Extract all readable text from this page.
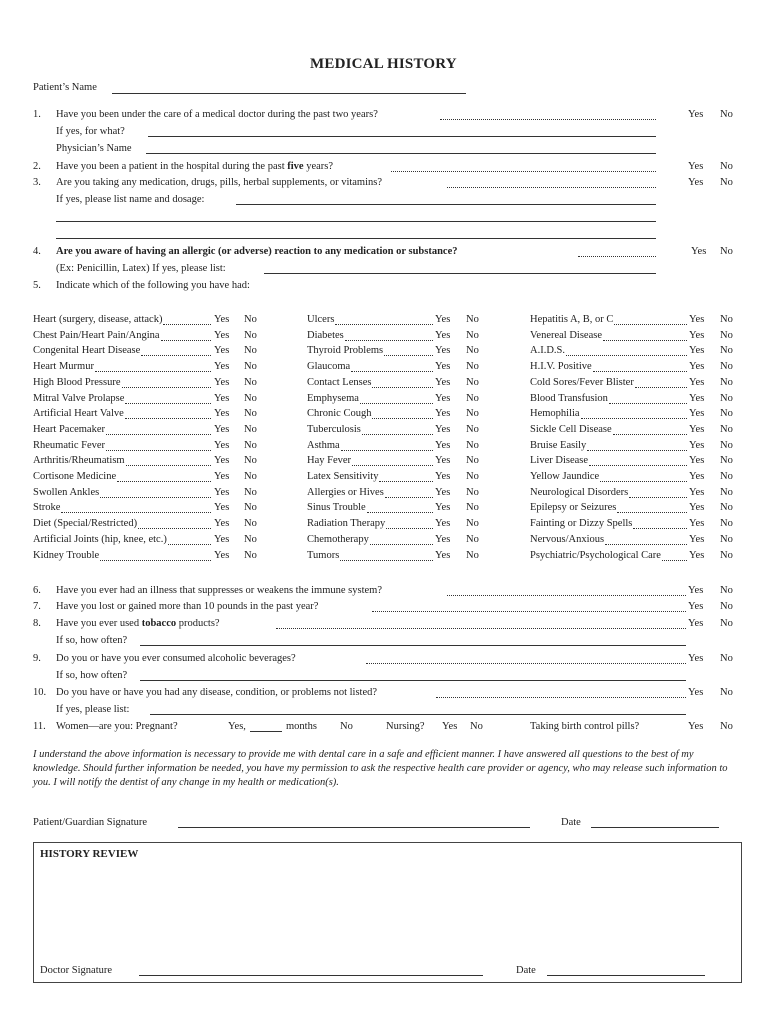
MEDICAL HISTORY
Patient’s Name
1. Have you been under the care of a medical doctor during the past two years?	Yes No
If yes, for what?
Physician’s Name
2. Have you been a patient in the hospital during the past five years?	Yes No
3. Are you taking any medication, drugs, pills, herbal supplements, or vitamins?	Yes No
If yes, please list name and dosage:
4. Are you aware of having an allergic (or adverse) reaction to any medication or substance?	Yes No
(Ex: Penicillin, Latex) If yes, please list:
5. Indicate which of the following you have had:
Heart (surgery, disease, attack)	Yes No
Chest Pain/Heart Pain/Angina	Yes No
Congenital Heart Disease	Yes No
Heart Murmur	Yes No
High Blood Pressure	Yes No
Mitral Valve Prolapse	Yes No
Artificial Heart Valve	Yes No
Heart Pacemaker	Yes No
Rheumatic Fever	Yes No
Arthritis/Rheumatism	Yes No
Cortisone Medicine	Yes No
Swollen Ankles	Yes No
Stroke	Yes No
Diet (Special/Restricted)	Yes No
Artificial Joints (hip, knee, etc.)	Yes No
Kidney Trouble	Yes No
Ulcers	Yes No
Diabetes	Yes No
Thyroid Problems	Yes No
Glaucoma	Yes No
Contact Lenses	Yes No
Emphysema	Yes No
Chronic Cough	Yes No
Tuberculosis	Yes No
Asthma	Yes No
Hay Fever	Yes No
Latex Sensitivity	Yes No
Allergies or Hives	Yes No
Sinus Trouble	Yes No
Radiation Therapy	Yes No
Chemotherapy	Yes No
Tumors	Yes No
Hepatitis A, B, or C	Yes No
Venereal Disease	Yes No
A.I.D.S.	Yes No
H.I.V. Positive	Yes No
Cold Sores/Fever Blister	Yes No
Blood Transfusion	Yes No
Hemophilia	Yes No
Sickle Cell Disease	Yes No
Bruise Easily	Yes No
Liver Disease	Yes No
Yellow Jaundice	Yes No
Neurological Disorders	Yes No
Epilepsy or Seizures	Yes No
Fainting or Dizzy Spells	Yes No
Nervous/Anxious	Yes No
Psychiatric/Psychological Care	Yes No
6. Have you ever had an illness that suppresses or weakens the immune system?	Yes No
7. Have you lost or gained more than 10 pounds in the past year?	Yes No
8. Have you ever used tobacco products?	Yes No
If so, how often?
9. Do you or have you ever consumed alcoholic beverages?	Yes No
If so, how often?
10. Do you have or have you had any disease, condition, or problems not listed?	Yes No
If yes, please list:
11. Women—are you: Pregnant?	Yes,	months No	Nursing? Yes No	Taking birth control pills?	Yes No
I understand the above information is necessary to provide me with dental care in a safe and efficient manner. I have answered all questions to the best of my knowledge. Should further information be needed, you have my permission to ask the respective health care provider or agency, who may release such information to you. I will notify the dentist of any change in my health or medication(s).
Patient/Guardian Signature	Date
HISTORY REVIEW
Doctor Signature	Date
